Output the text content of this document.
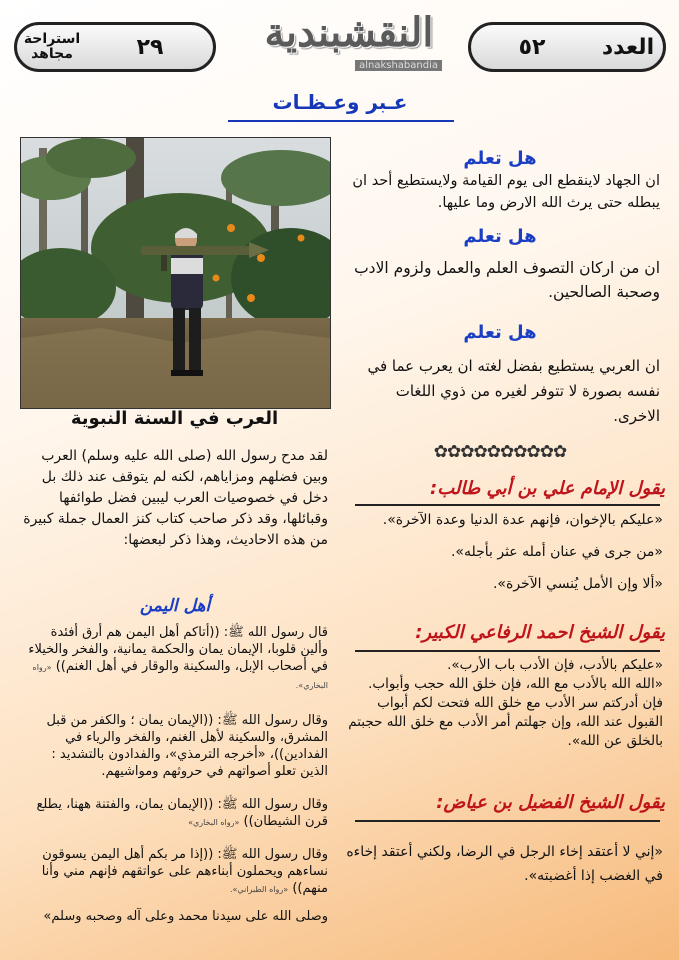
استراحة مجاهد	٢٩	النقشبندية
alnakshabandia
٥٢	العدد
عـبر وعـظـات
هل تعلم
ان الجهاد لاينقطع الى يوم القيامة ولايستطيع أحد ان يبطله حتى يرث الله الارض وما عليها.
هل تعلم
ان من اركان التصوف العلم والعمل ولزوم الادب وصحبة الصالحين.
هل تعلم
ان العربي يستطيع بفضل لغته ان يعرب عما في نفسه بصورة لا تتوفر لغيره من ذوي اللغات الاخرى.
✿✿✿✿✿✿✿✿✿✿
يقول الإمام علي بن أبي طالب:
«عليكم بالإخوان، فإنهم عدة الدنيا وعدة الآخرة».
«من جرى في عنان أمله عثر بأجله».
«ألا وإن الأمل يُنسي الآخرة».
يقول الشيخ احمد الرفاعي الكبير:
«عليكم بالأدب، فإن الأدب باب الأرب».
«الله الله بالأدب مع الله، فإن خلق الله حجب وأبواب. فإن أدركتم سر الأدب مع خلق الله فتحت لكم أبواب القبول عند الله، وإن جهلتم أمر الأدب مع خلق الله حجبتم بالخلق عن الله».
يقول الشيخ الفضيل بن عياض:
«إني لا أعتقد إخاء الرجل في الرضا، ولكني أعتقد إخاءه في الغضب إذا أغضبته».
العرب في السنة النبوية
لقد مدح رسول الله (صلى الله عليه وسلم) العرب وبين فضلهم ومزاياهم، لكنه لم يتوقف عند ذلك بل دخل في خصوصيات العرب ليبين فضل طوائفها وقبائلها، وقد ذكر صاحب كتاب كنز العمال جملة كبيرة من هذه الاحاديث، وهذا ذكر لبعضها:
أهل اليمن
قال رسول الله ﷺ: ((أتاكم أهل اليمن هم أرق أفئدة وألين قلوبا، الإيمان يمان والحكمة يمانية، والفخر والخيلاء في أصحاب الإبل، والسكينة والوقار في أهل الغنم)) «رواه البخاري».
وقال رسول الله ﷺ: ((الإيمان يمان ؛ والكفر من قبل المشرق، والسكينة لأهل الغنم، والفخر والرياء في الفدادين))، «أخرجه الترمذي»، والفدادون بالتشديد : الذين تعلو أصواتهم في حروثهم ومواشيهم.
وقال رسول الله ﷺ: ((الإيمان يمان، والفتنة ههنا، يطلع قرن الشيطان)) «رواه البخاري»
وقال رسول الله ﷺ: ((إذا مر بكم أهل اليمن يسوقون نساءهم ويحملون أبناءهم على عواتقهم فإنهم مني وأنا منهم)) «رواه الطبراني».
وصلى الله على سيدنا محمد وعلى آله وصحبه وسلم»
